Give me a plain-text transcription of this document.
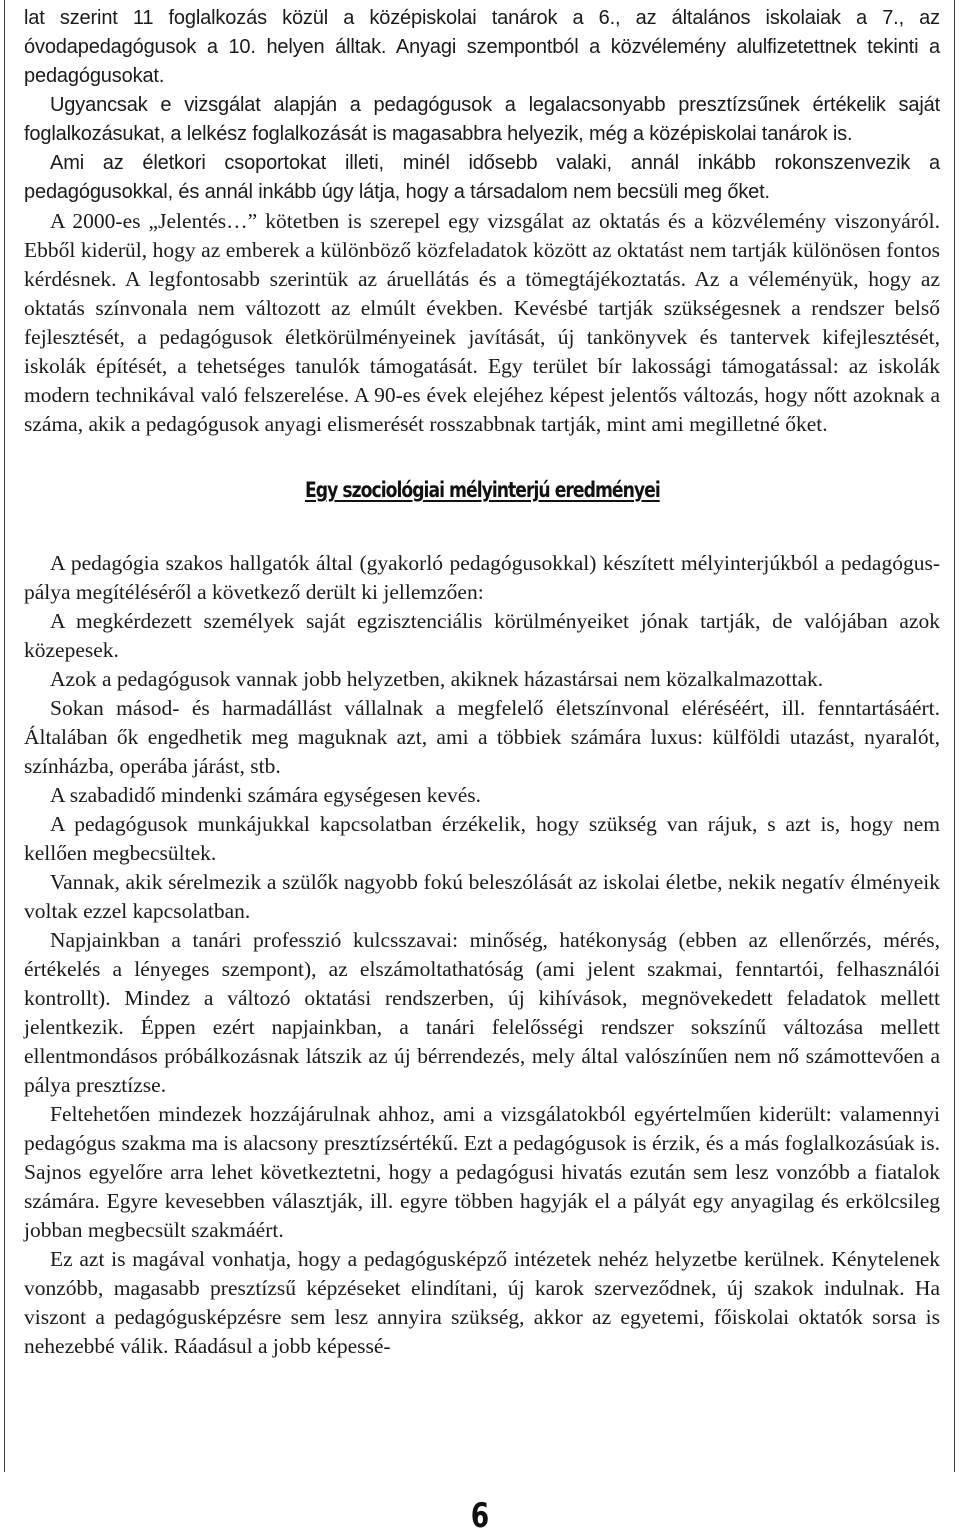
lat szerint 11 foglalkozás közül a középiskolai tanárok a 6., az általános iskolaiak a 7., az óvodapedagógusok a 10. helyen álltak. Anyagi szempontból a közvélemény alulfizetettnek tekinti a pedagógusokat.

Ugyancsak e vizsgálat alapján a pedagógusok a legalacsonyabb presztízsűnek értékelik saját foglalkozásukat, a lelkész foglalkozását is magasabbra helyezik, még a középiskolai tanárok is.

Ami az életkori csoportokat illeti, minél idősebb valaki, annál inkább rokonszenvezik a pedagógusokkal, és annál inkább úgy látja, hogy a társadalom nem becsüli meg őket.

A 2000-es „Jelentés…” kötetben is szerepel egy vizsgálat az oktatás és a közvélemény viszonyáról. Ebből kiderül, hogy az emberek a különböző közfeladatok között az oktatást nem tartják különösen fontos kérdésnek. A legfontosabb szerintük az áruellátás és a tömegtájékoztatás. Az a véleményük, hogy az oktatás színvonala nem változott az elmúlt években. Kevésbé tartják szükségesnek a rendszer belső fejlesztését, a pedagógusok életkörülményeinek javítását, új tankönyvek és tantervek kifejlesztését, iskolák építését, a tehetséges tanulók támogatását. Egy terület bír lakossági támogatással: az iskolák modern technikával való felszerelése. A 90-es évek elejéhez képest jelentős változás, hogy nőtt azoknak a száma, akik a pedagógusok anyagi elismerését rosszabbnak tartják, mint ami megilletné őket.

Egy szociológiai mélyinterjú eredményei

A pedagógia szakos hallgatók által (gyakorló pedagógusokkal) készített mélyinterjúkból a pedagógus-pálya megítéléséről a következő derült ki jellemzően:

A megkérdezett személyek saját egzisztenciális körülményeiket jónak tartják, de valójában azok közepesek.

Azok a pedagógusok vannak jobb helyzetben, akiknek házastársai nem közalkalmazottak.

Sokan másod- és harmadállást vállalnak a megfelelő életszínvonal eléréséért, ill. fenntartásáért. Általában ők engedhetik meg maguknak azt, ami a többiek számára luxus: külföldi utazást, nyaralót, színházba, operába járást, stb.

A szabadidő mindenki számára egységesen kevés.

A pedagógusok munkájukkal kapcsolatban érzékelik, hogy szükség van rájuk, s azt is, hogy nem kellően megbecsültek.

Vannak, akik sérelmezik a szülők nagyobb fokú beleszólását az iskolai életbe, nekik negatív élményeik voltak ezzel kapcsolatban.

Napjainkban a tanári professzió kulcsszavai: minőség, hatékonyság (ebben az ellenőrzés, mérés, értékelés a lényeges szempont), az elszámoltathatóság (ami jelent szakmai, fenntartói, felhasználói kontrollt). Mindez a változó oktatási rendszerben, új kihívások, megnövekedett feladatok mellett jelentkezik. Éppen ezért napjainkban, a tanári felelősségi rendszer sokszínű változása mellett ellentmondásos próbálkozásnak látszik az új bérrendezés, mely által valószínűen nem nő számottevően a pálya presztízse.

Feltehetően mindezek hozzájárulnak ahhoz, ami a vizsgálatokból egyértelműen kiderült: valamennyi pedagógus szakma ma is alacsony presztízsértékű. Ezt a pedagógusok is érzik, és a más foglalkozásúak is. Sajnos egyelőre arra lehet következtetni, hogy a pedagógusi hivatás ezután sem lesz vonzóbb a fiatalok számára. Egyre kevesebben választják, ill. egyre többen hagyják el a pályát egy anyagilag és erkölcsileg jobban megbecsült szakmáért.

Ez azt is magával vonhatja, hogy a pedagógusképző intézetek nehéz helyzetbe kerülnek. Kénytelenek vonzóbb, magasabb presztízsű képzéseket elindítani, új karok szerveződnek, új szakok indulnak. Ha viszont a pedagógusképzésre sem lesz annyira szükség, akkor az egyetemi, főiskolai oktatók sorsa is nehezebbé válik. Ráadásul a jobb képessé-

6
